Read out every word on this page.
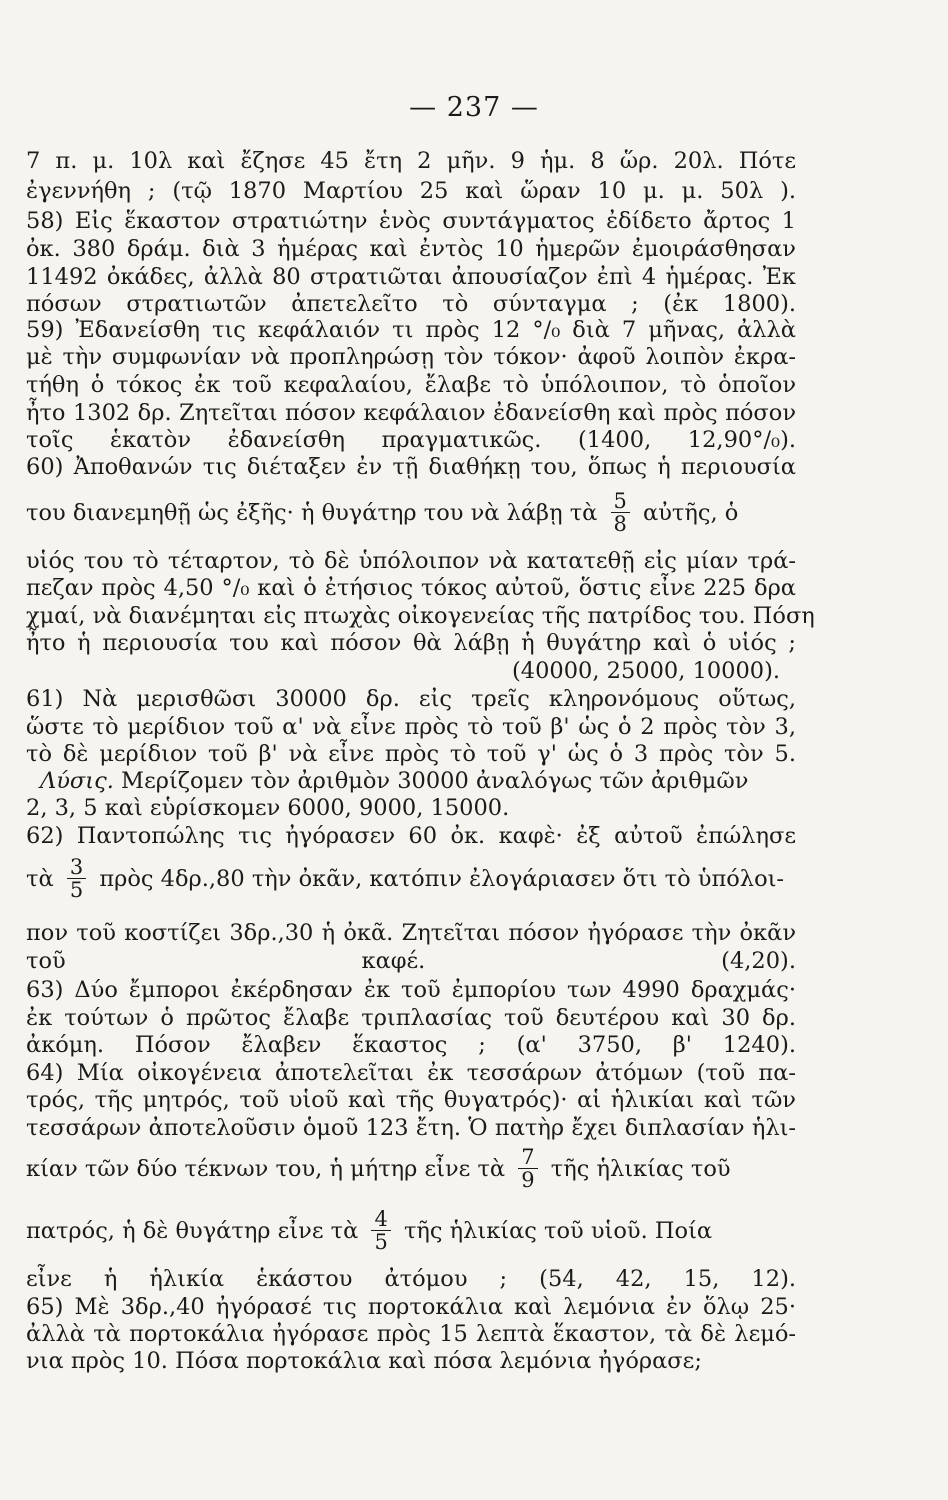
— 237 —
7 π. μ. 10λ καὶ ἔζησε 45 ἔτη 2 μῆν. 9 ἡμ. 8 ὥρ. 20λ. Πότε
ἐγεννήθη ; (τῷ 1870 Μαρτίου 25 καὶ ὥραν 10 μ. μ. 50λ ).
58) Εἰς ἕκαστον στρατιώτην ἑνὸς συντάγματος ἐδίδετο ἄρτος 1
ὀκ. 380 δράμ. διὰ 3 ἡμέρας καὶ ἐντὸς 10 ἡμερῶν ἐμοιράσθησαν
11492 ὀκάδες, ἀλλὰ 80 στρατιῶται ἀπουσίαζον ἐπὶ 4 ἡμέρας. Ἐκ
πόσων στρατιωτῶν ἀπετελεῖτο τὸ σύνταγμα ; (ἐκ 1800).
59) Ἐδανείσθη τις κεφάλαιόν τι πρὸς 12 °/₀ διὰ 7 μῆνας, ἀλλὰ
μὲ τὴν συμφωνίαν νὰ προπληρώσῃ τὸν τόκον· ἀφοῦ λοιπὸν ἐκρα-
τήθη ὁ τόκος ἐκ τοῦ κεφαλαίου, ἔλαβε τὸ ὑπόλοιπον, τὸ ὁποῖον
ἦτο 1302 δρ. Ζητεῖται πόσον κεφάλαιον ἐδανείσθη καὶ πρὸς πόσον
τοῖς ἑκατὸν ἐδανείσθη πραγματικῶς. (1400, 12,90°/₀).
60) Ἀποθανών τις διέταξεν ἐν τῇ διαθήκῃ του, ὅπως ἡ περιουσία
του διανεμηθῇ ὡς ἐξῆς· ἡ θυγάτηρ του νὰ λάβῃ τὰ $\frac{5}{8}$ αὐτῆς, ὁ
υἱός του τὸ τέταρτον, τὸ δὲ ὑπόλοιπον νὰ κατατεθῇ εἰς μίαν τρά-
πεζαν πρὸς 4,50 °/₀ καὶ ὁ ἐτήσιος τόκος αὐτοῦ, ὅστις εἶνε 225 δρα
χμαί, νὰ διανέμηται εἰς πτωχὰς οἰκογενείας τῆς πατρίδος του. Πόση
ἦτο ἡ περιουσία του καὶ πόσον θὰ λάβῃ ἡ θυγάτηρ καὶ ὁ υἱός ;
(40000, 25000, 10000).
61) Νὰ μερισθῶσι 30000 δρ. εἰς τρεῖς κληρονόμους οὕτως,
ὥστε τὸ μερίδιον τοῦ α' νὰ εἶνε πρὸς τὸ τοῦ β' ὡς ὁ 2 πρὸς τὸν 3,
τὸ δὲ μερίδιον τοῦ β' νὰ εἶνε πρὸς τὸ τοῦ γ' ὡς ὁ 3 πρὸς τὸν 5.
Λύσις. Μερίζομεν τὸν ἀριθμὸν 30000 ἀναλόγως τῶν ἀριθμῶν
2, 3, 5 καὶ εὑρίσκομεν 6000, 9000, 15000.
62) Παντοπώλης τις ἠγόρασεν 60 ὀκ. καφὲ· ἐξ αὐτοῦ ἐπώλησε
τὰ $\frac{3}{5}$ πρὸς 4δρ.,80 τὴν ὀκᾶν, κατόπιν ἐλογάριασεν ὅτι τὸ ὑπόλοι-
πον τοῦ κοστίζει 3δρ.,30 ἡ ὀκᾶ. Ζητεῖται πόσον ἠγόρασε τὴν ὀκᾶν
τοῦ καφέ. (4,20).
63) Δύο ἔμποροι ἐκέρδησαν ἐκ τοῦ ἐμπορίου των 4990 δραχμάς·
ἐκ τούτων ὁ πρῶτος ἔλαβε τριπλασίας τοῦ δευτέρου καὶ 30 δρ.
ἀκόμη. Πόσον ἔλαβεν ἕκαστος ; (α' 3750, β' 1240).
64) Μία οἰκογένεια ἀποτελεῖται ἐκ τεσσάρων ἀτόμων (τοῦ πα-
τρός, τῆς μητρός, τοῦ υἱοῦ καὶ τῆς θυγατρός)· αἱ ἡλικίαι καὶ τῶν
τεσσάρων ἀποτελοῦσιν ὁμοῦ 123 ἔτη. Ὁ πατὴρ ἔχει διπλασίαν ἡλι-
κίαν τῶν δύο τέκνων του, ἡ μήτηρ εἶνε τὰ $\frac{7}{9}$ τῆς ἡλικίας τοῦ
πατρός, ἡ δὲ θυγάτηρ εἶνε τὰ $\frac{4}{5}$ τῆς ἡλικίας τοῦ υἱοῦ. Ποία
εἶνε ἡ ἡλικία ἑκάστου ἀτόμου ; (54, 42, 15, 12).
65) Μὲ 3δρ.,40 ἠγόρασέ τις πορτοκάλια καὶ λεμόνια ἐν ὅλῳ 25·
ἀλλὰ τὰ πορτοκάλια ἠγόρασε πρὸς 15 λεπτὰ ἕκαστον, τὰ δὲ λεμό-
νια πρὸς 10. Πόσα πορτοκάλια καὶ πόσα λεμόνια ἠγόρασε;
